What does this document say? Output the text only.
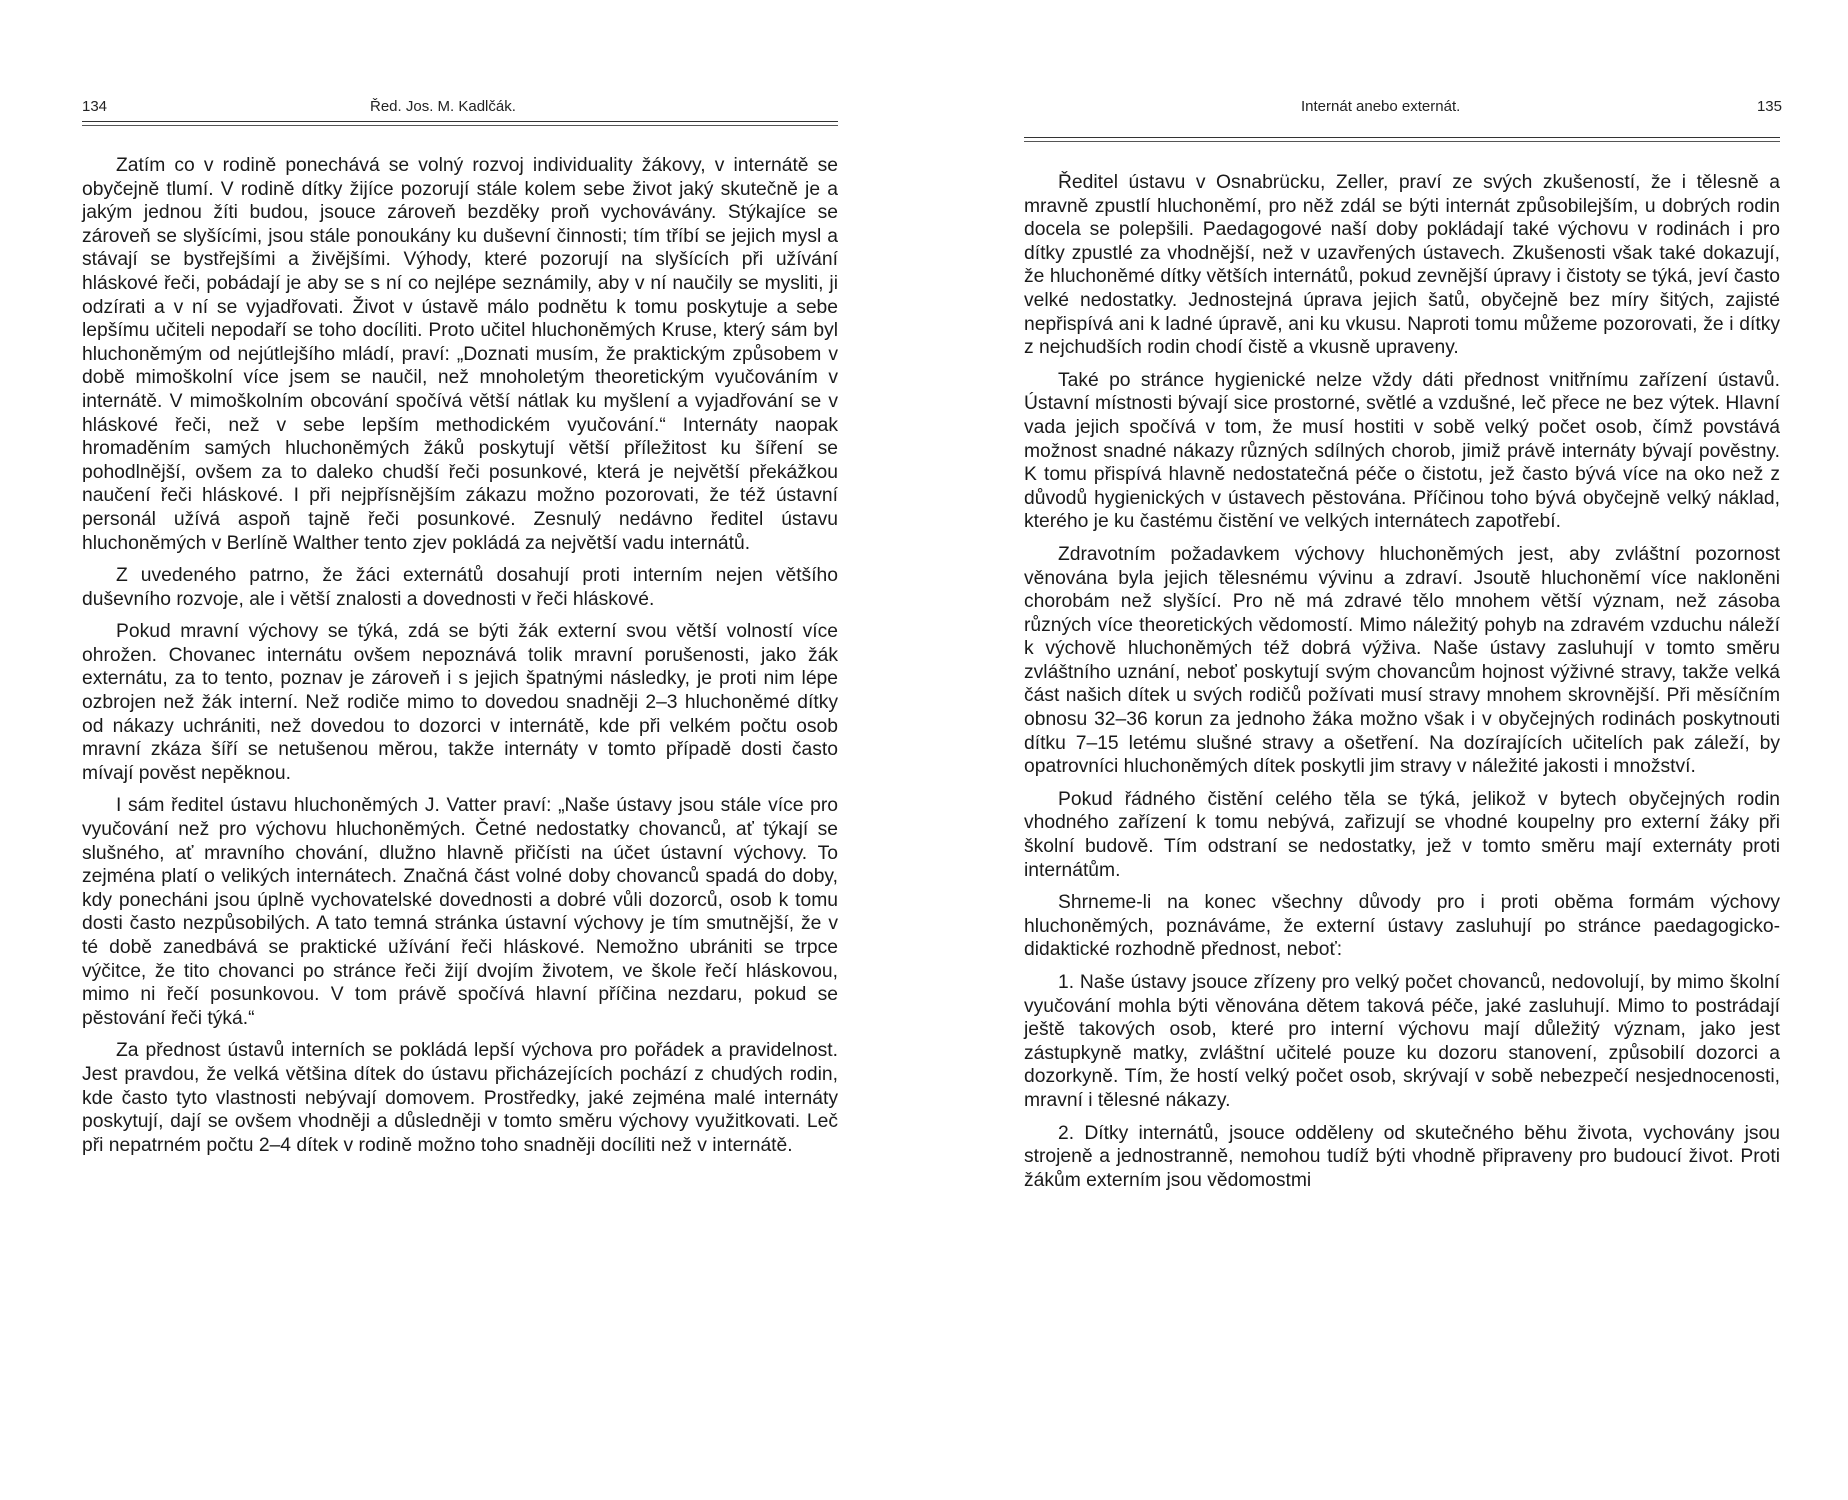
134	Řed. Jos. M. Kadlčák.

Zatím co v rodině ponechává se volný rozvoj individuality žákovy, v internátě se obyčejně tlumí. V rodině dítky žijíce pozorují stále kolem sebe život jaký skutečně je a jakým jednou žíti budou, jsouce zároveň bezděky proň vychovávány. Stýkajíce se zároveň se slyšícími, jsou stále ponoukány ku duševní činnosti; tím tříbí se jejich mysl a stávají se bystřejšími a živějšími. Výhody, které pozorují na slyšících při užívání hláskové řeči, pobádají je aby se s ní co nejlépe seznámily, aby v ní naučily se mysliti, ji odzírati a v ní se vyjadřovati. Život v ústavě málo podnětu k tomu poskytuje a sebe lepšímu učiteli nepodaří se toho docíliti. Proto učitel hluchoněmých Kruse, který sám byl hluchoněmým od nejútlejšího mládí, praví: „Doznati musím, že praktickým způsobem v době mimoškolní více jsem se naučil, než mnoholetým theoretickým vyučováním v internátě. V mimoškolním obcování spočívá větší nátlak ku myšlení a vyjadřování se v hláskové řeči, než v sebe lepším methodickém vyučování.“ Internáty naopak hromaděním samých hluchoněmých žáků poskytují větší příležitost ku šíření se pohodlnější, ovšem za to daleko chudší řeči posunkové, která je největší překážkou naučení řeči hláskové. I při nejpřísnějším zákazu možno pozorovati, že též ústavní personál užívá aspoň tajně řeči posunkové. Zesnulý nedávno ředitel ústavu hluchoněmých v Berlíně Walther tento zjev pokládá za největší vadu internátů.

Z uvedeného patrno, že žáci externátů dosahují proti interním nejen většího duševního rozvoje, ale i větší znalosti a dovednosti v řeči hláskové.

Pokud mravní výchovy se týká, zdá se býti žák externí svou větší volností více ohrožen. Chovanec internátu ovšem nepoznává tolik mravní porušenosti, jako žák externátu, za to tento, poznav je zároveň i s jejich špatnými následky, je proti nim lépe ozbrojen než žák interní. Než rodiče mimo to dovedou snadněji 2–3 hluchoněmé dítky od nákazy uchrániti, než dovedou to dozorci v internátě, kde při velkém počtu osob mravní zkáza šíří se netušenou měrou, takže internáty v tomto případě dosti často mívají pověst nepěknou.

I sám ředitel ústavu hluchoněmých J. Vatter praví: „Naše ústavy jsou stále více pro vyučování než pro výchovu hluchoněmých. Četné nedostatky chovanců, ať týkají se slušného, ať mravního chování, dlužno hlavně přičísti na účet ústavní výchovy. To zejména platí o velikých internátech. Značná část volné doby chovanců spadá do doby, kdy ponecháni jsou úplně vychovatelské dovednosti a dobré vůli dozorců, osob k tomu dosti často nezpůsobilých. A tato temná stránka ústavní výchovy je tím smutnější, že v té době zanedbává se praktické užívání řeči hláskové. Nemožno ubrániti se trpce výčitce, že tito chovanci po stránce řeči žijí dvojím životem, ve škole řečí hláskovou, mimo ni řečí posunkovou. V tom právě spočívá hlavní příčina nezdaru, pokud se pěstování řeči týká.“

Za přednost ústavů interních se pokládá lepší výchova pro pořádek a pravidelnost. Jest pravdou, že velká většina dítek do ústavu přicházejících pochází z chudých rodin, kde často tyto vlastnosti nebývají domovem. Prostředky, jaké zejména malé internáty poskytují, dají se ovšem vhodněji a důsledněji v tomto směru výchovy využitkovati. Leč při nepatrném počtu 2–4 dítek v rodině možno toho snadněji docíliti než v internátě.

Internát anebo externát.	135

Ředitel ústavu v Osnabrücku, Zeller, praví ze svých zkušeností, že i tělesně a mravně zpustlí hluchoněmí, pro něž zdál se býti internát způsobilejším, u dobrých rodin docela se polepšili. Paedagogové naší doby pokládají také výchovu v rodinách i pro dítky zpustlé za vhodnější, než v uzavřených ústavech. Zkušenosti však také dokazují, že hluchoněmé dítky větších internátů, pokud zevnější úpravy i čistoty se týká, jeví často velké nedostatky. Jednostejná úprava jejich šatů, obyčejně bez míry šitých, zajisté nepřispívá ani k ladné úpravě, ani ku vkusu. Naproti tomu můžeme pozorovati, že i dítky z nejchudších rodin chodí čistě a vkusně upraveny.

Také po stránce hygienické nelze vždy dáti přednost vnitřnímu zařízení ústavů. Ústavní místnosti bývají sice prostorné, světlé a vzdušné, leč přece ne bez výtek. Hlavní vada jejich spočívá v tom, že musí hostiti v sobě velký počet osob, čímž povstává možnost snadné nákazy různých sdílných chorob, jimiž právě internáty bývají pověstny. K tomu přispívá hlavně nedostatečná péče o čistotu, jež často bývá více na oko než z důvodů hygienických v ústavech pěstována. Příčinou toho bývá obyčejně velký náklad, kterého je ku častému čistění ve velkých internátech zapotřebí.

Zdravotním požadavkem výchovy hluchoněmých jest, aby zvláštní pozornost věnována byla jejich tělesnému vývinu a zdraví. Jsoutě hluchoněmí více nakloněni chorobám než slyšící. Pro ně má zdravé tělo mnohem větší význam, než zásoba různých více theoretických vědomostí. Mimo náležitý pohyb na zdravém vzduchu náleží k výchově hluchoněmých též dobrá výživa. Naše ústavy zasluhují v tomto směru zvláštního uznání, neboť poskytují svým chovancům hojnost výživné stravy, takže velká část našich dítek u svých rodičů požívati musí stravy mnohem skrovnější. Při měsíčním obnosu 32–36 korun za jednoho žáka možno však i v obyčejných rodinách poskytnouti dítku 7–15 letému slušné stravy a ošetření. Na dozírajících učitelích pak záleží, by opatrovníci hluchoněmých dítek poskytli jim stravy v náležité jakosti i množství.

Pokud řádného čistění celého těla se týká, jelikož v bytech obyčejných rodin vhodného zařízení k tomu nebývá, zařizují se vhodné koupelny pro externí žáky při školní budově. Tím odstraní se nedostatky, jež v tomto směru mají externáty proti internátům.

Shrneme-li na konec všechny důvody pro i proti oběma formám výchovy hluchoněmých, poznáváme, že externí ústavy zasluhují po stránce paedagogicko-didaktické rozhodně přednost, neboť:

1. Naše ústavy jsouce zřízeny pro velký počet chovanců, nedovolují, by mimo školní vyučování mohla býti věnována dětem taková péče, jaké zasluhují. Mimo to postrádají ještě takových osob, které pro interní výchovu mají důležitý význam, jako jest zástupkyně matky, zvláštní učitelé pouze ku dozoru stanovení, způsobilí dozorci a dozorkyně. Tím, že hostí velký počet osob, skrývají v sobě nebezpečí nesjednocenosti, mravní i tělesné nákazy.

2. Dítky internátů, jsouce odděleny od skutečného běhu života, vychovány jsou strojeně a jednostranně, nemohou tudíž býti vhodně připraveny pro budoucí život. Proti žákům externím jsou vědomostmi
